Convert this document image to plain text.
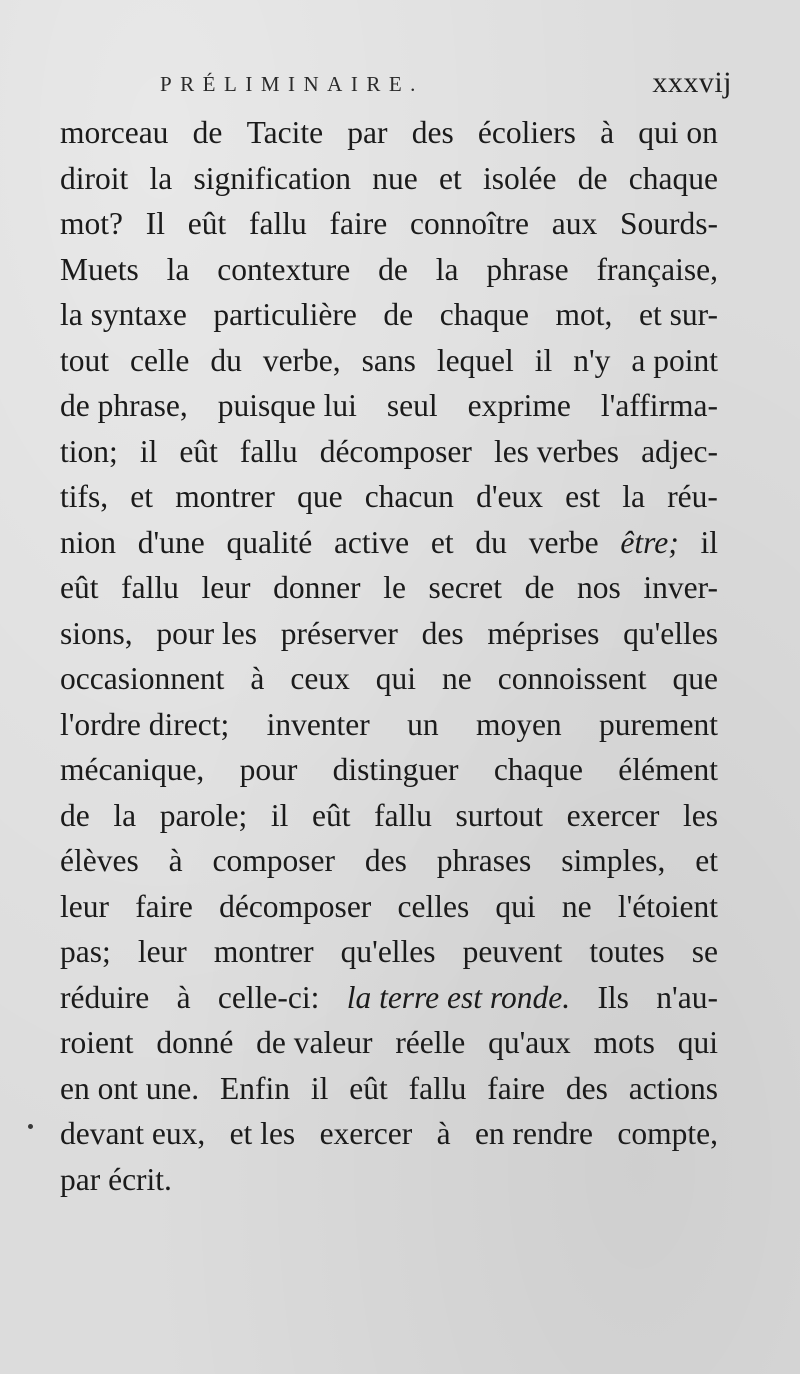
PRÉLIMINAIRE.	xxxvij
morceau de Tacite par des écoliers à qui on
diroit la signification nue et isolée de chaque
mot? Il eût fallu faire connoître aux Sourds-
Muets la contexture de la phrase française,
la syntaxe particulière de chaque mot, et sur-
tout celle du verbe, sans lequel il n'y a point
de phrase, puisque lui seul exprime l'affirma-
tion; il eût fallu décomposer les verbes adjec-
tifs, et montrer que chacun d'eux est la réu-
nion d'une qualité active et du verbe être; il
eût fallu leur donner le secret de nos inver-
sions, pour les préserver des méprises qu'elles
occasionnent à ceux qui ne connoissent que
l'ordre direct; inventer un moyen purement
mécanique, pour distinguer chaque élément
de la parole; il eût fallu surtout exercer les
élèves à composer des phrases simples, et
leur faire décomposer celles qui ne l'étoient
pas; leur montrer qu'elles peuvent toutes se
réduire à celle-ci: la terre est ronde. Ils n'au-
roient donné de valeur réelle qu'aux mots qui
en ont une. Enfin il eût fallu faire des actions
devant eux, et les exercer à en rendre compte,
par écrit.
